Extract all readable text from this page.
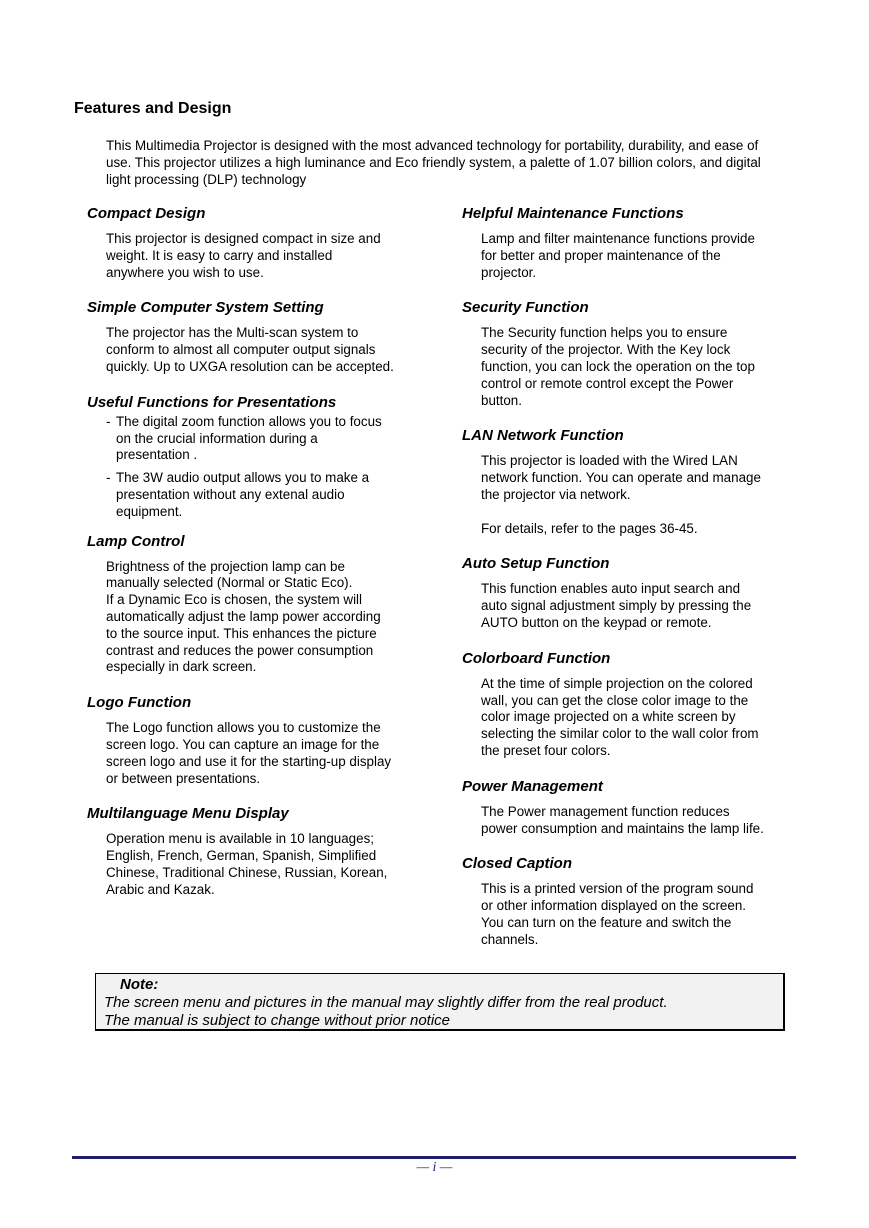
Features and Design

This Multimedia Projector is designed with the most advanced technology for portability, durability, and ease of use. This projector utilizes a high luminance and Eco friendly system, a palette of 1.07 billion colors, and digital light processing (DLP) technology

Compact Design

This projector is designed compact in size and
weight. It is easy to carry and installed
anywhere you wish to use.

Simple Computer System Setting

The projector has the Multi-scan system to
conform to almost all computer output signals
quickly. Up to UXGA resolution can be accepted.

Useful Functions for Presentations
- The digital zoom function allows you to focus
on the crucial information during a
presentation .
- The 3W audio output allows you to make a
presentation without any extenal audio
equipment.
Lamp Control

Brightness of the projection lamp can be
manually selected (Normal or Static Eco).
If a Dynamic Eco is chosen, the system will
automatically adjust the lamp power according
to the source input. This enhances the picture
contrast and reduces the power consumption
especially in dark screen.

Logo Function

The Logo function allows you to customize the
screen logo. You can capture an image for the
screen logo and use it for the starting-up display
or between presentations.

Multilanguage Menu Display

Operation menu is available in 10 languages;
English, French, German, Spanish, Simplified
Chinese, Traditional Chinese, Russian, Korean,
Arabic and Kazak.

Helpful Maintenance Functions

Lamp and filter maintenance functions provide
for better and proper maintenance of the
projector.

Security Function

The Security function helps you to ensure
security of the projector. With the Key lock
function, you can lock the operation on the top
control or remote control except the Power
button.

LAN Network Function

This projector is loaded with the Wired LAN
network function. You can operate and manage
the projector via network.

For details, refer to the pages 36-45.

Auto Setup Function

This function enables auto input search and
auto signal adjustment simply by pressing the
AUTO button on the keypad or remote.

Colorboard Function

At the time of simple projection on the colored
wall, you can get the close color image to the
color image projected on a white screen by
selecting the similar color to the wall color from
the preset four colors.

Power Management

The Power management function reduces
power consumption and maintains the lamp life.

Closed Caption

This is a printed version of the program sound
or other information displayed on the screen.
You can turn on the feature and switch the
channels.

Note:
The screen menu and pictures in the manual may slightly differ from the real product.
The manual is subject to change without prior notice
— i —
